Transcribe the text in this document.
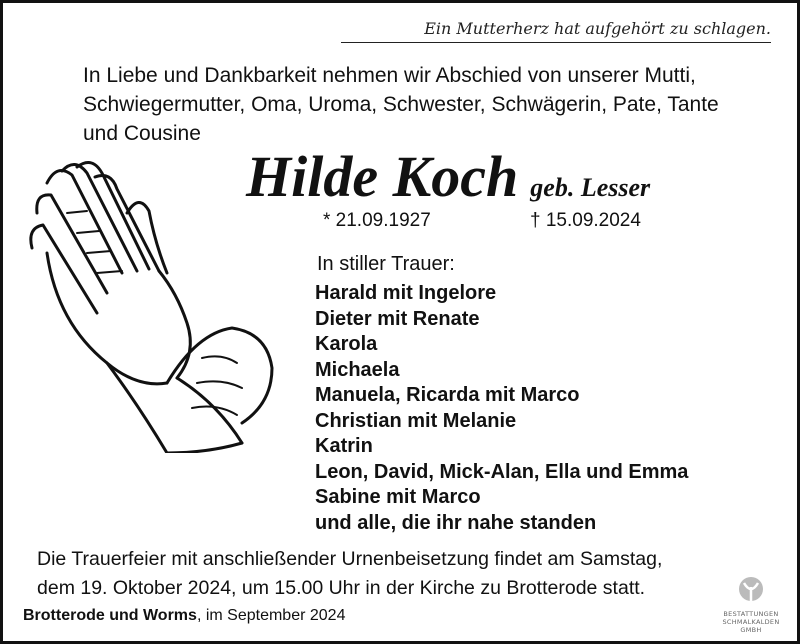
Ein Mutterherz hat aufgehört zu schlagen.
In Liebe und Dankbarkeit nehmen wir Abschied von unserer Mutti,
Schwiegermutter, Oma, Uroma, Schwester, Schwägerin, Pate, Tante
und Cousine
Hilde Koch geb. Lesser
* 21.09.1927	† 15.09.2024
In stiller Trauer:
Harald mit Ingelore
Dieter mit Renate
Karola
Michaela
Manuela, Ricarda mit Marco
Christian mit Melanie
Katrin
Leon, David, Mick-Alan, Ella und Emma
Sabine mit Marco
und alle, die ihr nahe standen
Die Trauerfeier mit anschließender Urnenbeisetzung findet am Samstag,
dem 19. Oktober 2024, um 15.00 Uhr in der Kirche zu Brotterode statt.
Brotterode und Worms, im September 2024	BESTATTUNGEN
SCHMALKALDEN
GMBH
